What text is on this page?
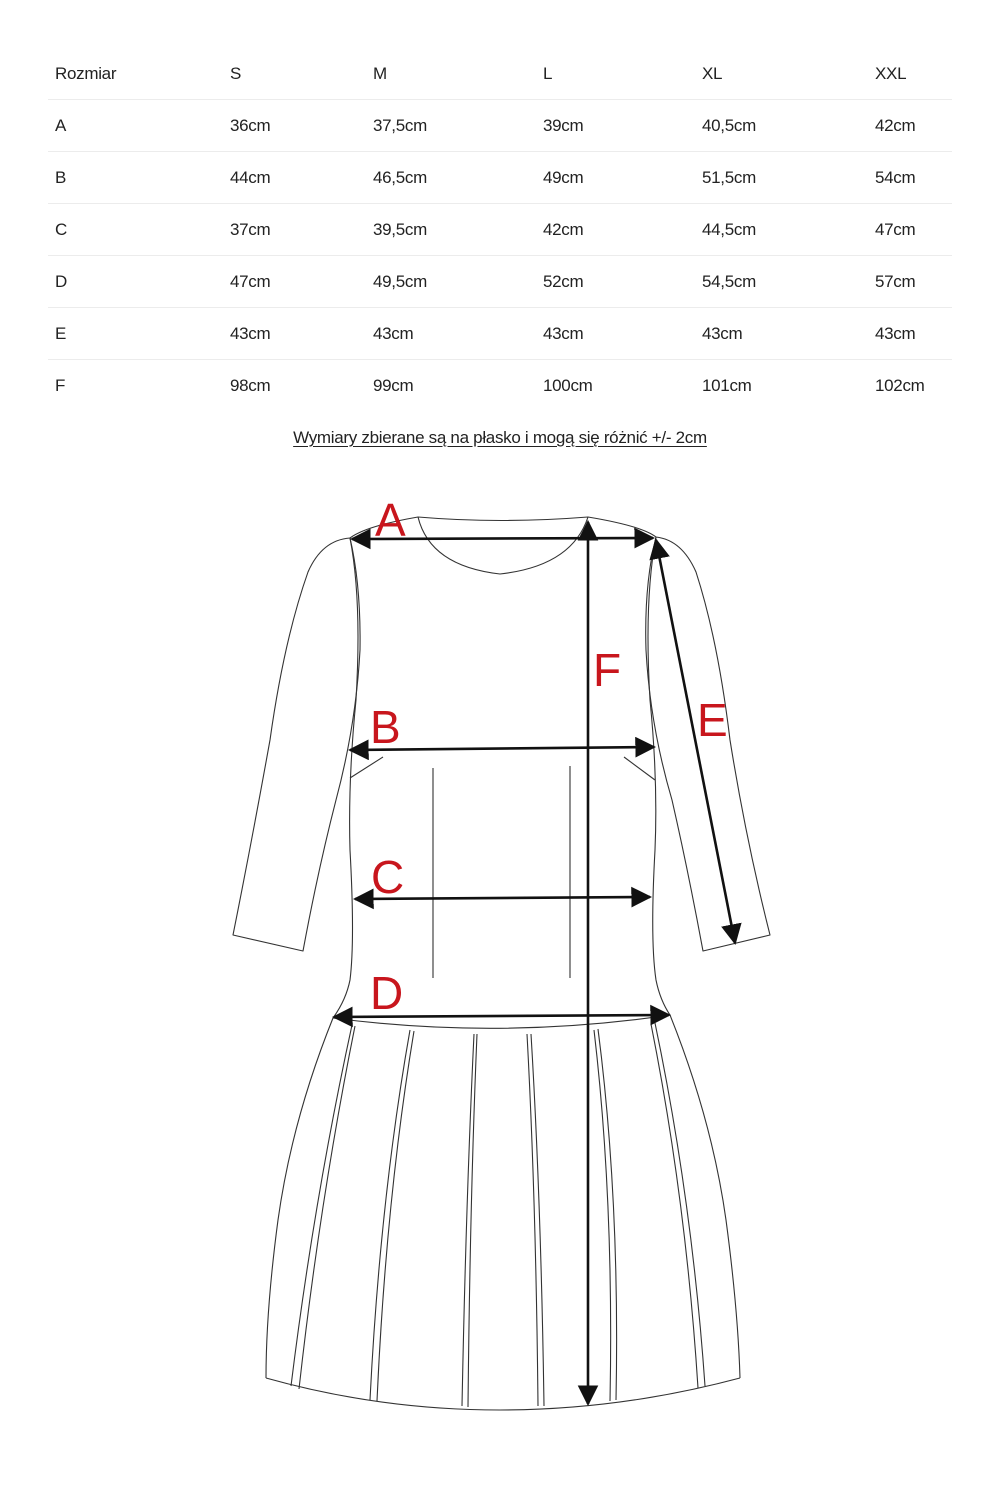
Rozmiar	S	M	L	XL	XXL
A	36cm	37,5cm	39cm	40,5cm	42cm
B	44cm	46,5cm	49cm	51,5cm	54cm
C	37cm	39,5cm	42cm	44,5cm	47cm
D	47cm	49,5cm	52cm	54,5cm	57cm
E	43cm	43cm	43cm	43cm	43cm
F	98cm	99cm	100cm	101cm	102cm

Wymiary zbierane są na płasko i mogą się różnić +/- 2cm

A
B
C
D
E
F
